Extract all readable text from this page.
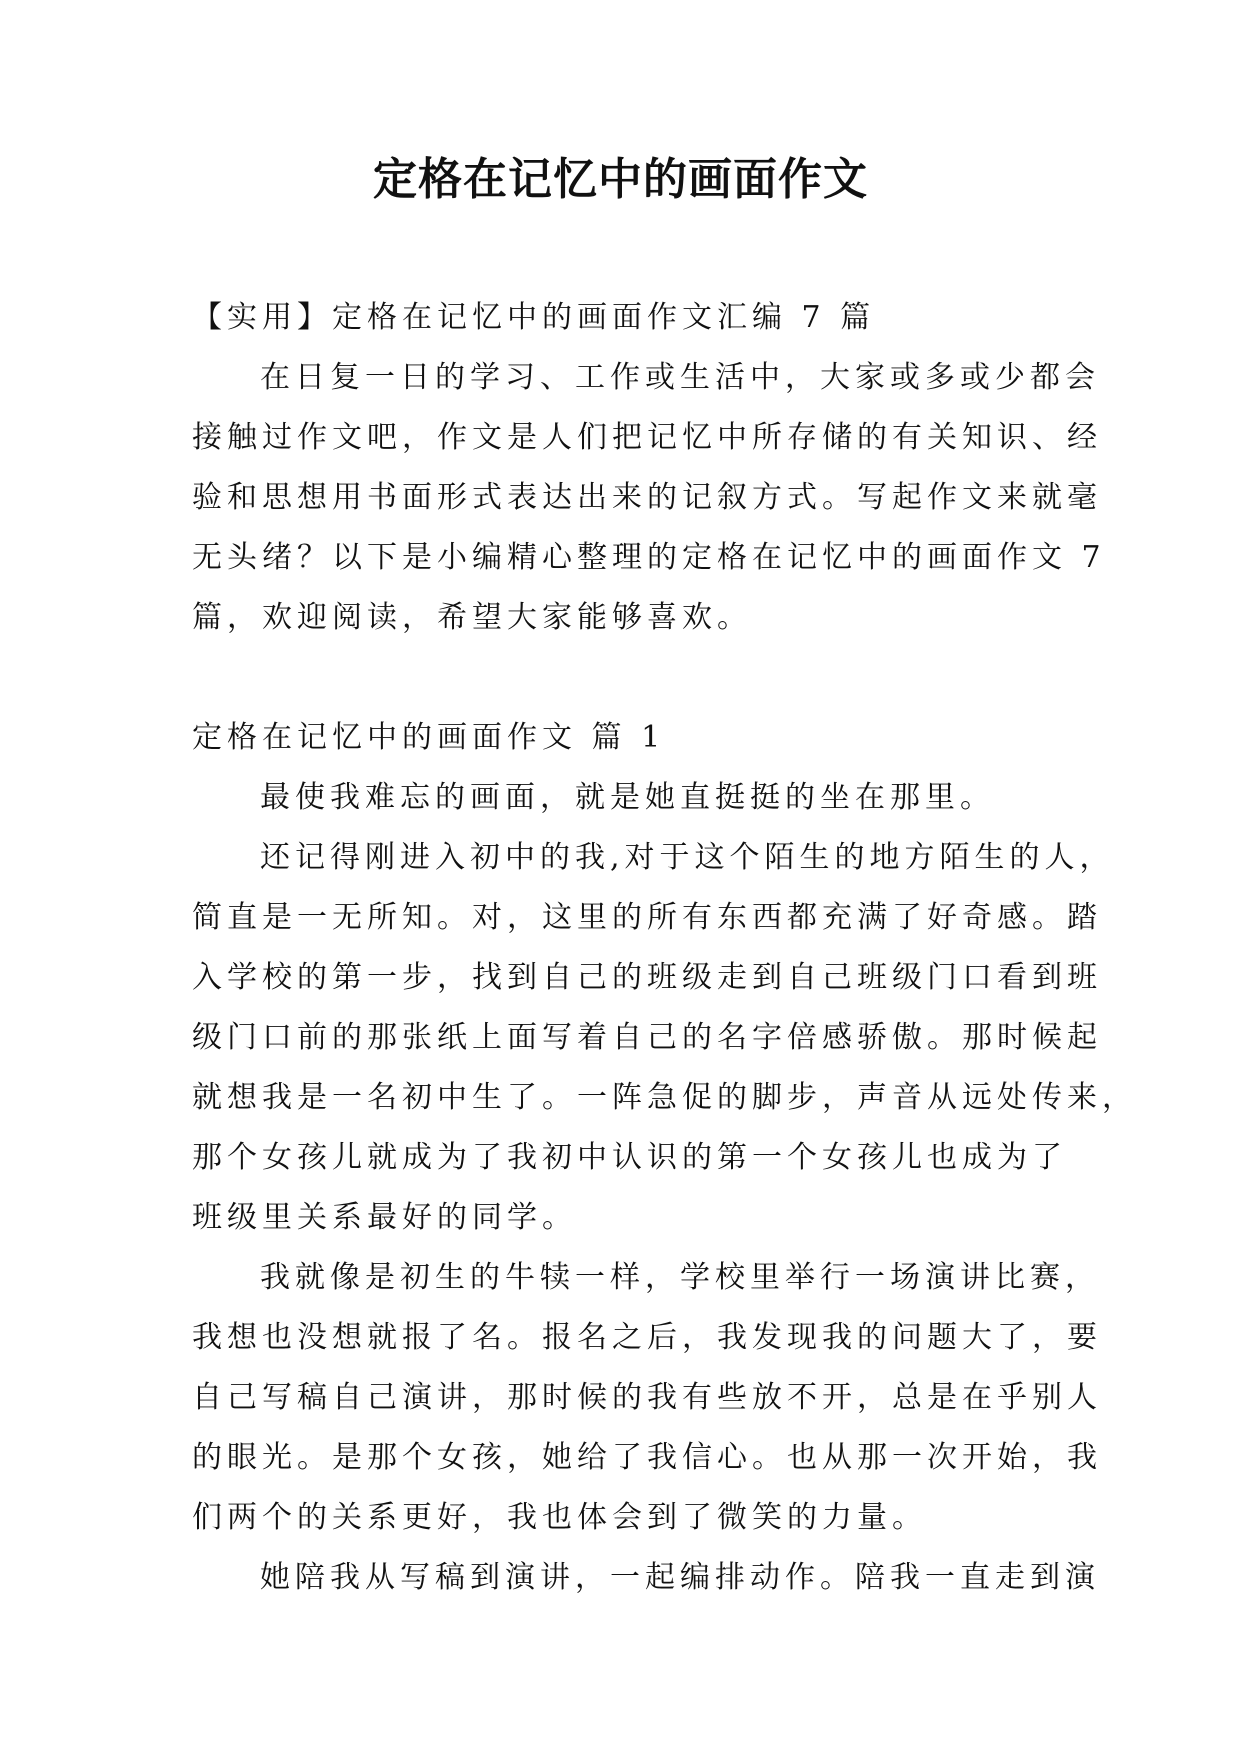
定格在记忆中的画面作文
【实用】定格在记忆中的画面作文汇编 7 篇
在日复一日的学习、工作或生活中，大家或多或少都会
接触过作文吧，作文是人们把记忆中所存储的有关知识、经
验和思想用书面形式表达出来的记叙方式。写起作文来就毫
无头绪？以下是小编精心整理的定格在记忆中的画面作文 7
篇，欢迎阅读，希望大家能够喜欢。
定格在记忆中的画面作文 篇 1
最使我难忘的画面，就是她直挺挺的坐在那里。
还记得刚进入初中的我,对于这个陌生的地方陌生的人，
简直是一无所知。对，这里的所有东西都充满了好奇感。踏
入学校的第一步，找到自己的班级走到自己班级门口看到班
级门口前的那张纸上面写着自己的名字倍感骄傲。那时候起
就想我是一名初中生了。一阵急促的脚步，声音从远处传来，
那个女孩儿就成为了我初中认识的第一个女孩儿也成为了
班级里关系最好的同学。
我就像是初生的牛犊一样，学校里举行一场演讲比赛，
我想也没想就报了名。报名之后，我发现我的问题大了，要
自己写稿自己演讲，那时候的我有些放不开，总是在乎别人
的眼光。是那个女孩，她给了我信心。也从那一次开始，我
们两个的关系更好，我也体会到了微笑的力量。
她陪我从写稿到演讲，一起编排动作。陪我一直走到演
